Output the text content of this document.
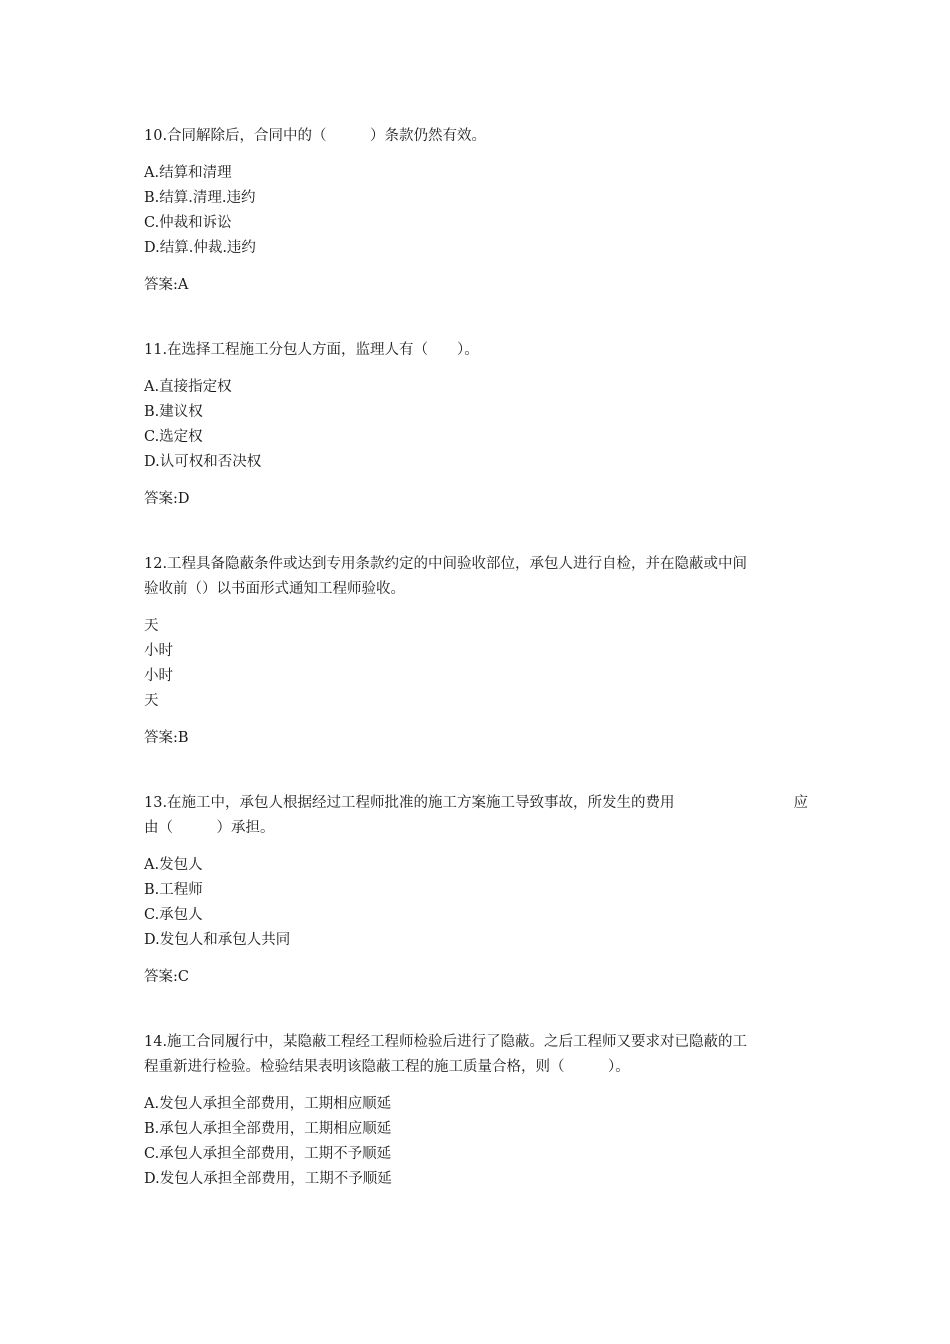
10.合同解除后，合同中的（　　　）条款仍然有效。
A.结算和清理
B.结算.清理.违约
C.仲裁和诉讼
D.结算.仲裁.违约
答案:A
11.在选择工程施工分包人方面，监理人有（　　）。
A.直接指定权
B.建议权
C.选定权
D.认可权和否决权
答案:D
12.工程具备隐蔽条件或达到专用条款约定的中间验收部位，承包人进行自检，并在隐蔽或中间
验收前（）以书面形式通知工程师验收。
天
小时
小时
天
答案:B
13.在施工中，承包人根据经过工程师批准的施工方案施工导致事故，所发生的费用	应
由（　　　）承担。
A.发包人
B.工程师
C.承包人
D.发包人和承包人共同
答案:C
14.施工合同履行中，某隐蔽工程经工程师检验后进行了隐蔽。之后工程师又要求对已隐蔽的工
程重新进行检验。检验结果表明该隐蔽工程的施工质量合格，则（　　　）。
A.发包人承担全部费用，工期相应顺延
B.承包人承担全部费用，工期相应顺延
C.承包人承担全部费用，工期不予顺延
D.发包人承担全部费用，工期不予顺延
